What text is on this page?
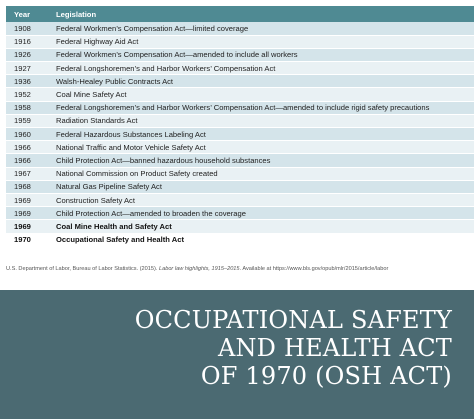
Year	Legislation
1908	Federal Workmen’s Compensation Act—limited coverage
1916	Federal Highway Aid Act
1926	Federal Workmen’s Compensation Act—amended to include all workers
1927	Federal Longshoremen’s and Harbor Workers’ Compensation Act
1936	Walsh-Healey Public Contracts Act
1952	Coal Mine Safety Act
1958	Federal Longshoremen’s and Harbor Workers’ Compensation Act—amended to include rigid safety precautions
1959	Radiation Standards Act
1960	Federal Hazardous Substances Labeling Act
1966	National Traffic and Motor Vehicle Safety Act
1966	Child Protection Act—banned hazardous household substances
1967	National Commission on Product Safety created
1968	Natural Gas Pipeline Safety Act
1969	Construction Safety Act
1969	Child Protection Act—amended to broaden the coverage
1969	Coal Mine Health and Safety Act
1970	Occupational Safety and Health Act
U.S. Department of Labor, Bureau of Labor Statistics. (2015). Labor law highlights, 1915–2015. Available at https://www.bls.gov/opub/mlr/2015/article/labor
OCCUPATIONAL SAFETY
AND HEALTH ACT
OF 1970 (OSH ACT)
